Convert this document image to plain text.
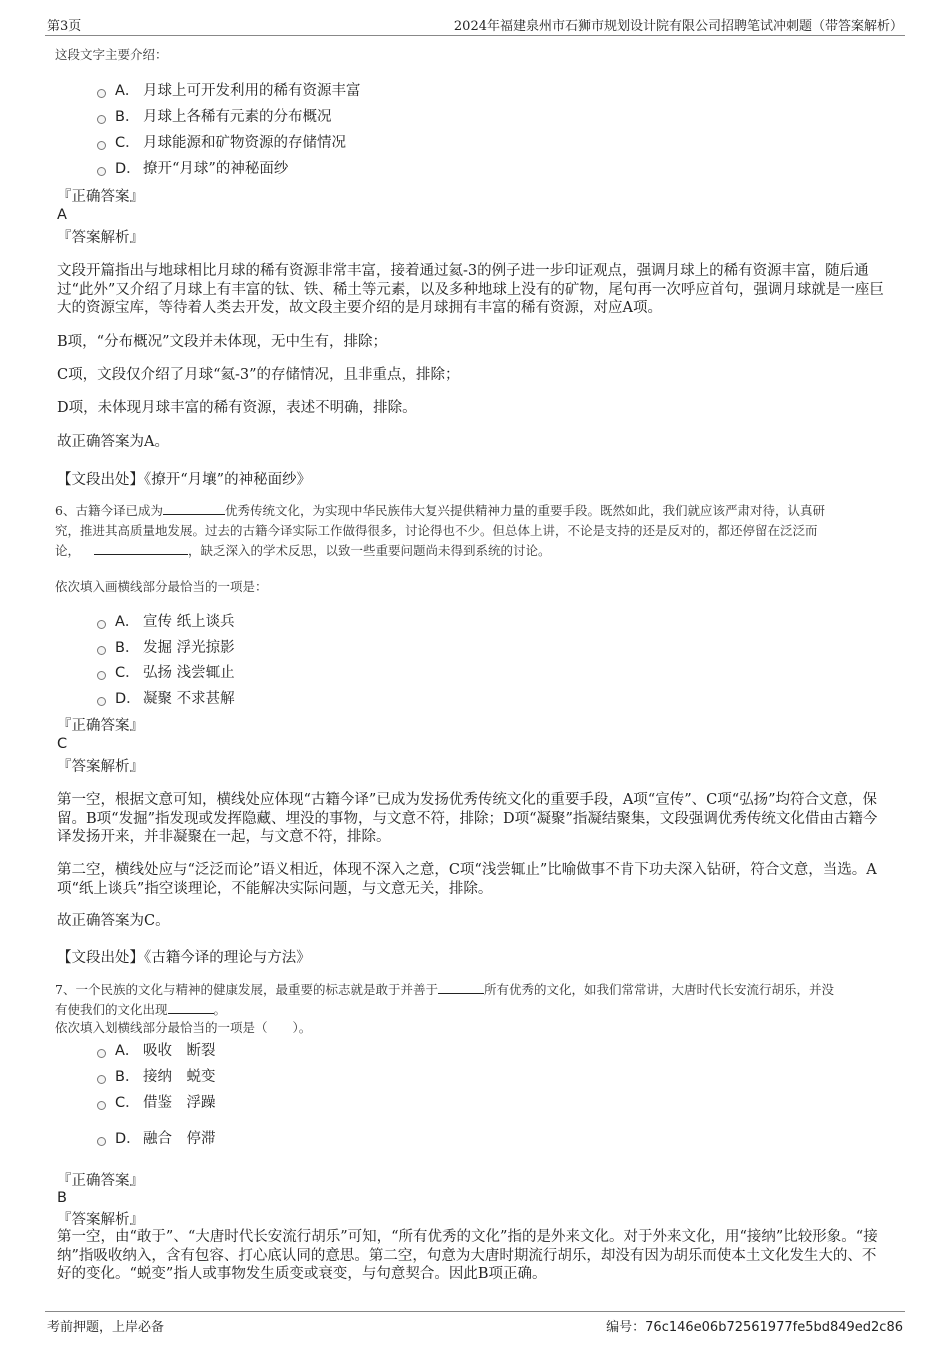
第3页	2024年福建泉州市石狮市规划设计院有限公司招聘笔试冲刺题（带答案解析）
这段文字主要介绍：
A． 月球上可开发利用的稀有资源丰富
B． 月球上各稀有元素的分布概况
C． 月球能源和矿物资源的存储情况
D． 撩开“月球”的神秘面纱
『正确答案』
A
『答案解析』
文段开篇指出与地球相比月球的稀有资源非常丰富，接着通过氦-3的例子进一步印证观点，强调月球上的稀有资源丰富，随后通过“此外”又介绍了月球上有丰富的钛、铁、稀土等元素，以及多种地球上没有的矿物，尾句再一次呼应首句，强调月球就是一座巨大的资源宝库，等待着人类去开发，故文段主要介绍的是月球拥有丰富的稀有资源，对应A项。
B项，“分布概况”文段并未体现，无中生有，排除；
C项，文段仅介绍了月球“氦-3”的存储情况，且非重点，排除；
D项，未体现月球丰富的稀有资源，表述不明确，排除。
故正确答案为A。
【文段出处】《撩开“月壤”的神秘面纱》
6、古籍今译已成为	优秀传统文化，为实现中华民族伟大复兴提供精神力量的重要手段。既然如此，我们就应该严肃对待，认真研
究，推进其高质量地发展。过去的古籍今译实际工作做得很多，讨论得也不少。但总体上讲，不论是支持的还是反对的，都还停留在泛泛而
论，	，缺乏深入的学术反思，以致一些重要问题尚未得到系统的讨论。
依次填入画横线部分最恰当的一项是：
A． 宣传 纸上谈兵
B． 发掘 浮光掠影
C． 弘扬 浅尝辄止
D． 凝聚 不求甚解
『正确答案』
C
『答案解析』
第一空，根据文意可知，横线处应体现“古籍今译”已成为发扬优秀传统文化的重要手段，A项“宣传”、C项“弘扬”均符合文意，保留。B项“发掘”指发现或发挥隐藏、埋没的事物，与文意不符，排除；D项“凝聚”指凝结聚集，文段强调优秀传统文化借由古籍今译发扬开来，并非凝聚在一起，与文意不符，排除。
第二空，横线处应与“泛泛而论”语义相近，体现不深入之意，C项“浅尝辄止”比喻做事不肯下功夫深入钻研，符合文意，当选。A项“纸上谈兵”指空谈理论，不能解决实际问题，与文意无关，排除。
故正确答案为C。
【文段出处】《古籍今译的理论与方法》
7、一个民族的文化与精神的健康发展，最重要的标志就是敢于并善于	所有优秀的文化，如我们常常讲，大唐时代长安流行胡乐，并没
有使我们的文化出现	。
依次填入划横线部分最恰当的一项是（　　）。
A． 吸收　断裂
B． 接纳　蜕变
C． 借鉴　浮躁
D． 融合　停滞
『正确答案』
B
『答案解析』
第一空，由“敢于”、“大唐时代长安流行胡乐”可知，“所有优秀的文化”指的是外来文化。对于外来文化，用“接纳”比较形象。“接纳”指吸收纳入，含有包容、打心底认同的意思。第二空，句意为大唐时期流行胡乐，却没有因为胡乐而使本土文化发生大的、不好的变化。“蜕变”指人或事物发生质变或衰变，与句意契合。因此B项正确。
考前押题，上岸必备	编号：76c146e06b72561977fe5bd849ed2c86
